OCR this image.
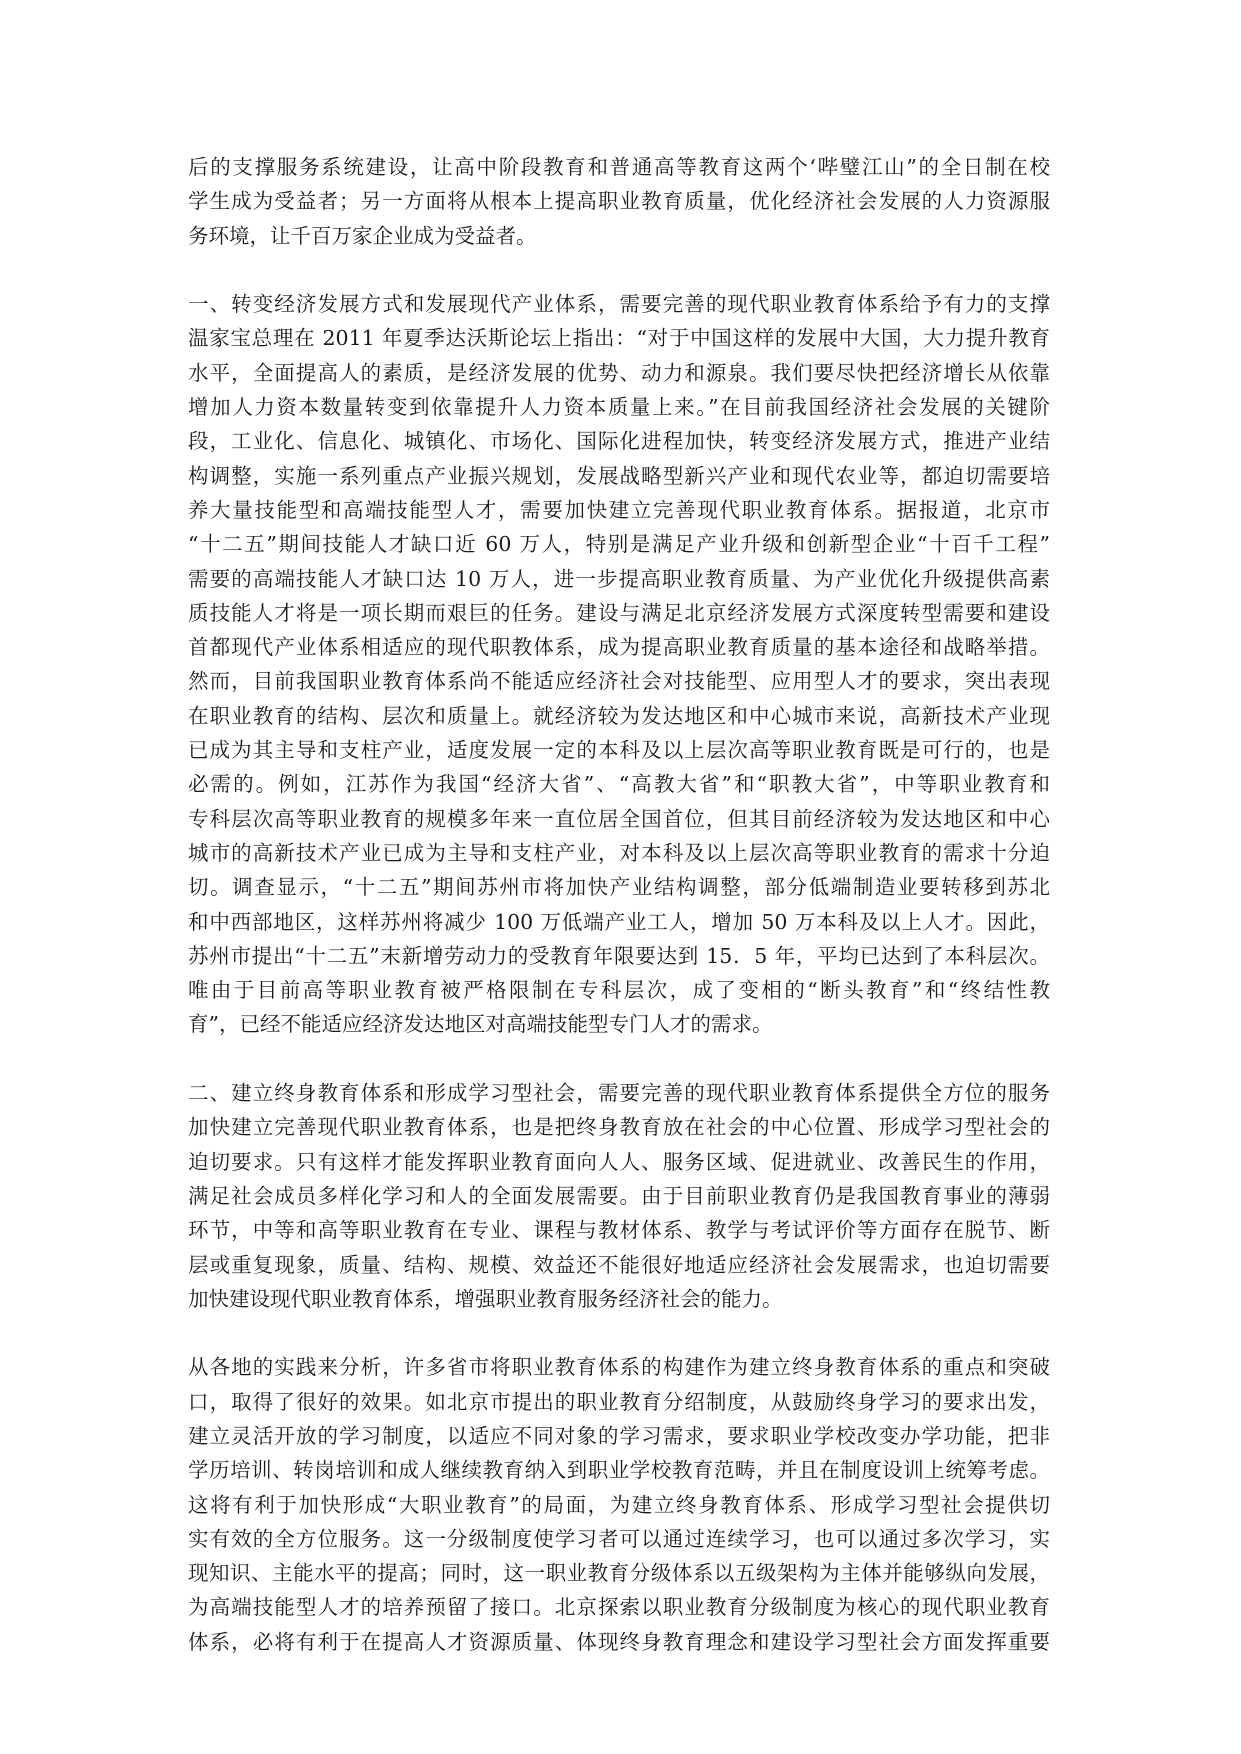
后的支撑服务系统建设，让高中阶段教育和普通高等教育这两个‘哔璧江山”的全日制在校
学生成为受益者；另一方面将从根本上提高职业教育质量，优化经济社会发展的人力资源服
务环境，让千百万家企业成为受益者。
一、转变经济发展方式和发展现代产业体系，需要完善的现代职业教育体系给予有力的支撑
温家宝总理在 2011 年夏季达沃斯论坛上指出：“对于中国这样的发展中大国，大力提升教育
水平，全面提高人的素质，是经济发展的优势、动力和源泉。我们要尽快把经济增长从依靠
增加人力资本数量转变到依靠提升人力资本质量上来。”在目前我国经济社会发展的关键阶
段，工业化、信息化、城镇化、市场化、国际化进程加快，转变经济发展方式，推进产业结
构调整，实施一系列重点产业振兴规划，发展战略型新兴产业和现代农业等，都迫切需要培
养大量技能型和高端技能型人才，需要加快建立完善现代职业教育体系。据报道，北京市
“十二五”期间技能人才缺口近 60 万人，特别是满足产业升级和创新型企业“十百千工程”
需要的高端技能人才缺口达 10 万人，进一步提高职业教育质量、为产业优化升级提供高素
质技能人才将是一项长期而艰巨的任务。建设与满足北京经济发展方式深度转型需要和建设
首都现代产业体系相适应的现代职教体系，成为提高职业教育质量的基本途径和战略举措。
然而，目前我国职业教育体系尚不能适应经济社会对技能型、应用型人才的要求，突出表现
在职业教育的结构、层次和质量上。就经济较为发达地区和中心城市来说，高新技术产业现
已成为其主导和支柱产业，适度发展一定的本科及以上层次高等职业教育既是可行的，也是
必需的。例如，江苏作为我国“经济大省”、“高教大省”和“职教大省”，中等职业教育和
专科层次高等职业教育的规模多年来一直位居全国首位，但其目前经济较为发达地区和中心
城市的高新技术产业已成为主导和支柱产业，对本科及以上层次高等职业教育的需求十分迫
切。调查显示，“十二五”期间苏州市将加快产业结构调整，部分低端制造业要转移到苏北
和中西部地区，这样苏州将减少 100 万低端产业工人，增加 50 万本科及以上人才。因此，
苏州市提出“十二五”末新增劳动力的受教育年限要达到 15．5 年，平均已达到了本科层次。
唯由于目前高等职业教育被严格限制在专科层次，成了变相的“断头教育”和“终结性教
育”，已经不能适应经济发达地区对高端技能型专门人才的需求。
二、建立终身教育体系和形成学习型社会，需要完善的现代职业教育体系提供全方位的服务
加快建立完善现代职业教育体系，也是把终身教育放在社会的中心位置、形成学习型社会的
迫切要求。只有这样才能发挥职业教育面向人人、服务区域、促进就业、改善民生的作用，
满足社会成员多样化学习和人的全面发展需要。由于目前职业教育仍是我国教育事业的薄弱
环节，中等和高等职业教育在专业、课程与教材体系、教学与考试评价等方面存在脱节、断
层或重复现象，质量、结构、规模、效益还不能很好地适应经济社会发展需求，也迫切需要
加快建设现代职业教育体系，增强职业教育服务经济社会的能力。
从各地的实践来分析，许多省市将职业教育体系的构建作为建立终身教育体系的重点和突破
口，取得了很好的效果。如北京市提出的职业教育分绍制度，从鼓励终身学习的要求出发，
建立灵活开放的学习制度，以适应不同对象的学习需求，要求职业学校改变办学功能，把非
学历培训、转岗培训和成人继续教育纳入到职业学校教育范畴，并且在制度设训上统筹考虑。
这将有利于加快形成“大职业教育”的局面，为建立终身教育体系、形成学习型社会提供切
实有效的全方位服务。这一分级制度使学习者可以通过连续学习，也可以通过多次学习，实
现知识、主能水平的提高；同时，这一职业教育分级体系以五级架构为主体并能够纵向发展，
为高端技能型人才的培养预留了接口。北京探索以职业教育分级制度为核心的现代职业教育
体系，必将有利于在提高人才资源质量、体现终身教育理念和建设学习型社会方面发挥重要
